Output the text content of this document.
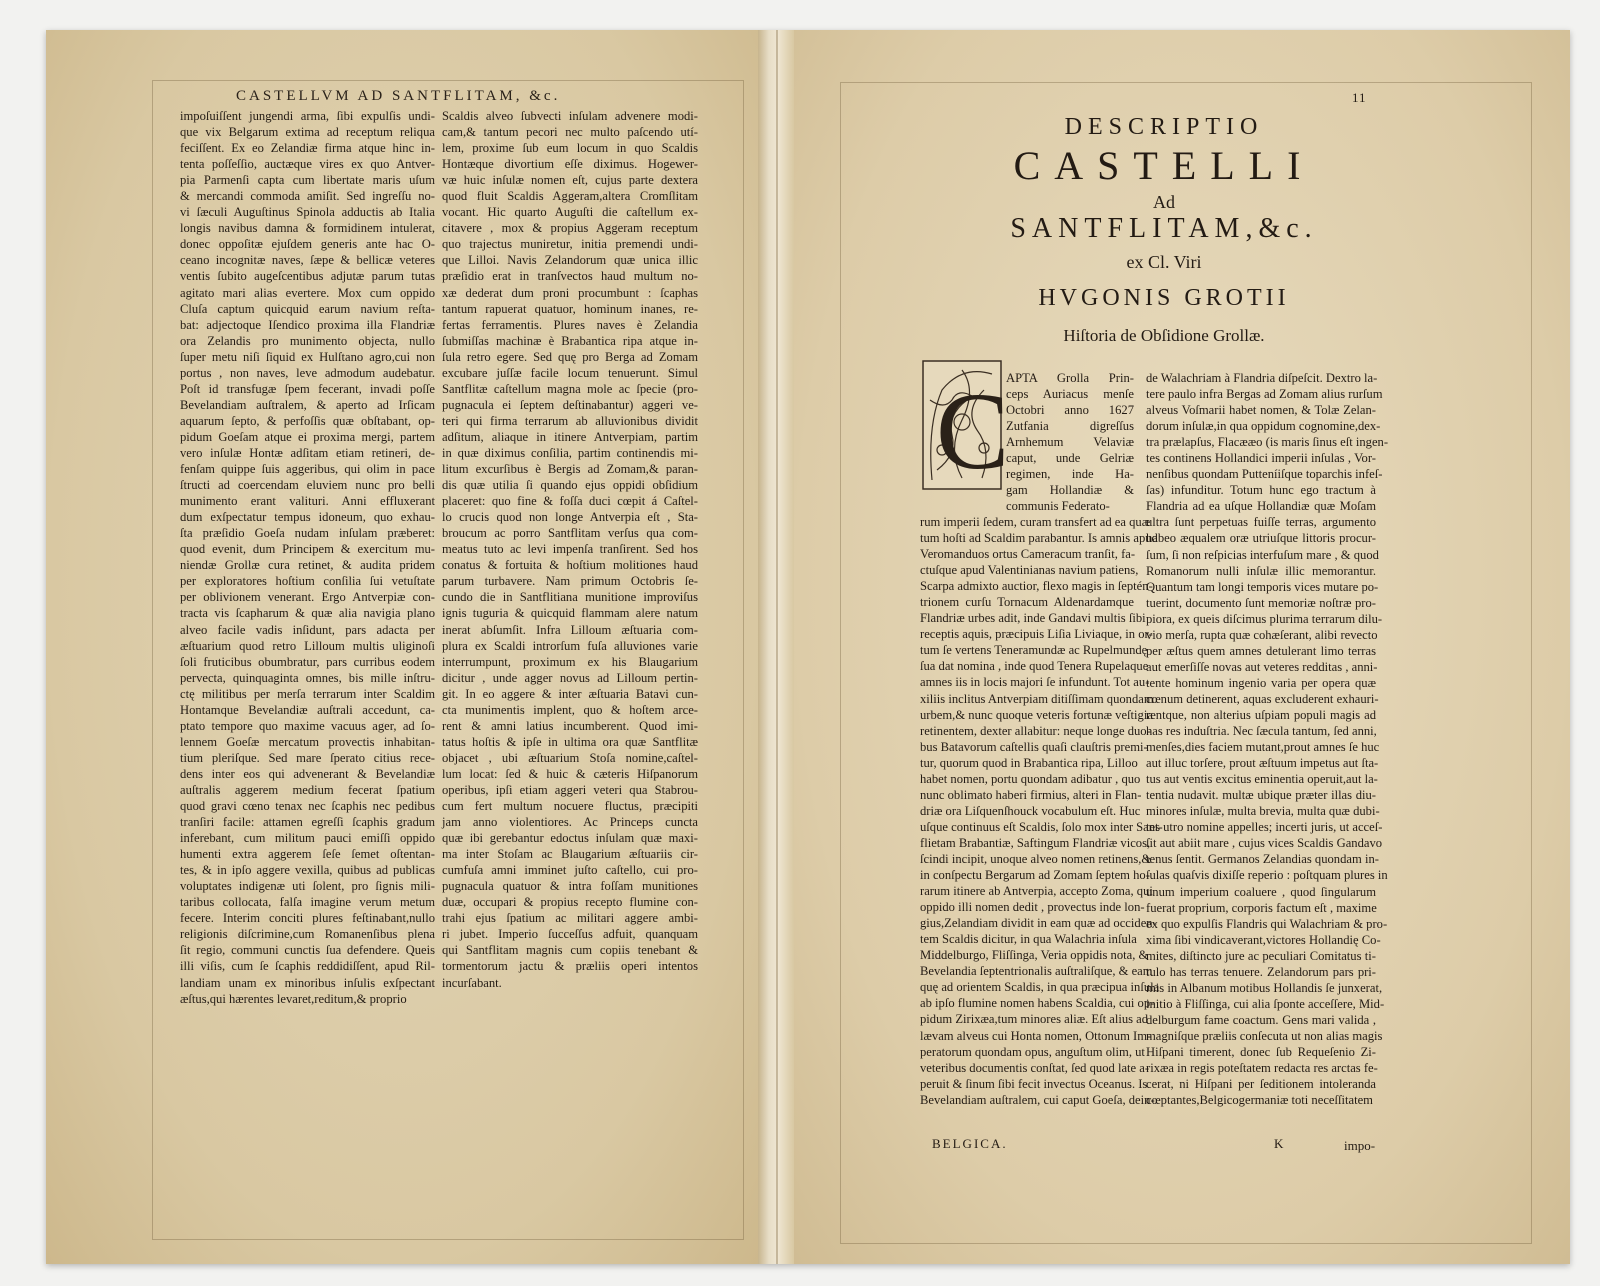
CASTELLVM AD SANTFLITAM, &c.
impoſuiſſent jungendi arma, ſibi expulſis undi-
que vix Belgarum extima ad receptum reliqua
feciſſent. Ex eo Zelandiæ firma atque hinc in-
tenta poſſeſſio, auctæque vires ex quo Antver-
pia Parmenſi capta cum libertate maris uſum
& mercandi commoda amiſit. Sed ingreſſu no-
vi ſæculi Auguſtinus Spinola adductis ab Italia
longis navibus damna & formidinem intulerat,
donec oppoſitæ ejuſdem generis ante hac O-
ceano incognitæ naves, ſæpe & bellicæ veteres
ventis ſubito augeſcentibus adjutæ parum tutas
agitato mari alias evertere. Mox cum oppido
Cluſa captum quicquid earum navium reſta-
bat: adjectoque Iſendico proxima illa Flandriæ
ora Zelandis pro munimento objecta, nullo
ſuper metu niſi ſiquid ex Hulſtano agro,cui non
portus , non naves, leve admodum audebatur.
Poſt id transfugæ ſpem fecerant, invadi poſſe
Bevelandiam auſtralem, & aperto ad Irſicam
aquarum ſepto, & perfoſſis quæ obſtabant, op-
pidum Goeſam atque ei proxima mergi, partem
vero inſulæ Hontæ adſitam etiam retineri, de-
fenſam quippe ſuis aggeribus, qui olim in pace
ſtructi ad coercendam eluviem nunc pro belli
munimento erant valituri. Anni effluxerant
dum exſpectatur tempus idoneum, quo exhau-
ſta præſidio Goeſa nudam inſulam præberet:
quod evenit, dum Principem & exercitum mu-
niendæ Grollæ cura retinet, & audita pridem
per exploratores hoſtium conſilia ſui vetuſtate
per oblivionem venerant. Ergo Antverpiæ con-
tracta vis ſcapharum & quæ alia navigia plano
alveo facile vadis inſidunt, pars adacta per
æſtuarium quod retro Lilloum multis uliginoſi
ſoli fruticibus obumbratur, pars curribus eodem
pervecta, quinquaginta omnes, bis mille inſtru-
ctę militibus per merſa terrarum inter Scaldim
Hontamque Bevelandiæ auſtrali accedunt, ca-
ptato tempore quo maxime vacuus ager, ad ſo-
lennem Goeſæ mercatum provectis inhabitan-
tium pleriſque. Sed mare ſperato citius rece-
dens inter eos qui advenerant & Bevelandiæ
auſtralis aggerem medium fecerat ſpatium
quod gravi cœno tenax nec ſcaphis nec pedibus
tranſiri facile: attamen egreſſi ſcaphis gradum
inferebant, cum militum pauci emiſſi oppido
humenti extra aggerem ſeſe ſemet oſtentan-
tes, & in ipſo aggere vexilla, quibus ad publicas
voluptates indigenæ uti ſolent, pro ſignis mili-
taribus collocata, falſa imagine verum metum
fecere. Interim conciti plures feſtinabant,nullo
religionis diſcrimine,cum Romanenſibus plena
ſit regio, communi cunctis ſua defendere. Queis
illi viſis, cum ſe ſcaphis reddidiſſent, apud Ril-
landiam unam ex minoribus inſulis exſpectant
æſtus,qui hærentes levaret,reditum,& proprio
Scaldis alveo ſubvecti inſulam advenere modi-
cam,& tantum pecori nec multo paſcendo utí-
lem, proxime ſub eum locum in quo Scaldis
Hontæque divortium eſſe diximus. Hogewer-
væ huic inſulæ nomen eſt, cujus parte dextera
quod fluit Scaldis Aggeram,altera Cromſlitam
vocant. Hic quarto Auguſti die caſtellum ex-
citavere , mox & propius Aggeram receptum
quo trajectus muniretur, initia premendi undi-
que Lilloi. Navis Zelandorum quæ unica illic
præſidio erat in tranſvectos haud multum no-
xæ dederat dum proni procumbunt : ſcaphas
tantum rapuerat quatuor, hominum inanes, re-
fertas ferramentis. Plures naves è Zelandia
ſubmiſſas machinæ è Brabantica ripa atque in-
ſula retro egere. Sed quę pro Berga ad Zomam
excubare juſſæ facile locum tenuerunt. Simul
Santflitæ caſtellum magna mole ac ſpecie (pro-
pugnacula ei ſeptem deſtinabantur) aggeri ve-
teri qui firma terrarum ab alluvionibus dividit
adſitum, aliaque in itinere Antverpiam, partim
in quæ diximus conſilia, partim continendis mi-
litum excurſibus è Bergis ad Zomam,& paran-
dis quæ utilia ſi quando ejus oppidi obſidium
placeret: quo fine & foſſa duci cœpit á Caſtel-
lo crucis quod non longe Antverpia eſt , Sta-
broucum ac porro Santflitam verſus qua com-
meatus tuto ac levi impenſa tranſirent. Sed hos
conatus & fortuita & hoſtium molitiones haud
parum turbavere. Nam primum Octobris ſe-
cundo die in Santflitiana munitione improviſus
ignis tuguria & quicquid flammam alere natum
inerat abſumſit. Infra Lilloum æſtuaria com-
plura ex Scaldi introrſum fuſa alluviones varie
interrumpunt, proximum ex his Blaugarium
dicitur , unde agger novus ad Lilloum pertin-
git. In eo aggere & inter æſtuaria Batavi cun-
cta munimentis implent, quo & hoſtem arce-
rent & amni latius incumberent. Quod imi-
tatus hoſtis & ipſe in ultima ora quæ Santflitæ
objacet , ubi æſtuarium Stoſa nomine,caſtel-
lum locat: ſed & huic & cæteris Hiſpanorum
operibus, ipſi etiam aggeri veteri qua Stabrou-
cum fert multum nocuere fluctus, præcipiti
jam anno violentiores. Ac Princeps cuncta
quæ ibi gerebantur edoctus inſulam quæ maxi-
ma inter Stoſam ac Blaugarium æſtuariis cir-
cumfuſa amni imminet juſto caſtello, cui pro-
pugnacula quatuor & intra foſſam munitiones
duæ, occupari & propius recepto flumine con-
trahi ejus ſpatium ac militari aggere ambi-
ri jubet. Imperio ſucceſſus adfuit, quanquam
qui Santflitam magnis cum copiis tenebant &
tormentorum jactu & præliis operi intentos
incurſabant.
11
DESCRIPTIO
CASTELLI
Ad
SANTFLITAM,&c.
ex Cl. Viri
HVGONIS GROTII
Hiſtoria de Obſidione Grollæ.
C
APTA Grolla Prin-
ceps Auriacus menſe
Octobri anno 1627
Zutfania digreſſus
Arnhemum Velaviæ
caput, unde Gelriæ
regimen, inde Ha-
gam Hollandiæ &
communis Federato-
rum imperii ſedem, curam transfert ad ea quæ
tum hoſti ad Scaldim parabantur. Is amnis apud
Veromanduos ortus Cameracum tranſit, fa-
ctuſque apud Valentinianas navium patiens,
Scarpa admixto auctior, flexo magis in ſeptén-
trionem curſu Tornacum Aldenardamque
Flandriæ urbes adit, inde Gandavi multis ſibi
receptis aquis, præcipuis Liſia Liviaque, in or-
tum ſe vertens Teneramundæ ac Rupelmundę
ſua dat nomina , inde quod Tenera Rupelaque
amnes iis in locis majori ſe infundunt. Tot au-
xiliis inclitus Antverpiam ditiſſimam quondam
urbem,& nunc quoque veteris fortunæ veſtigia
retinentem, dexter allabitur: neque longe duo-
bus Batavorum caſtellis quaſi clauſtris premi-
tur, quorum quod in Brabantica ripa, Lilloo
habet nomen, portu quondam adibatur , quo
nunc oblimato haberi firmius, alteri in Flan-
driæ ora Liſquenſhouck vocabulum eſt. Huc
uſque continuus eſt Scaldis, ſolo mox inter Sant-
flietam Brabantiæ, Saftingum Flandriæ vicos,
ſcindi incipit, unoque alveo nomen retinens,&
in conſpectu Bergarum ad Zomam ſeptem ho-
rarum itinere ab Antverpia, accepto Zoma, qui
oppido illi nomen dedit , provectus inde lon-
gius,Zelandiam dividit in eam quæ ad occiden-
tem Scaldis dicitur, in qua Walachria inſula
Middelburgo, Fliſſinga, Veria oppidis nota, &
Bevelandia ſeptentrionalis auſtraliſque, & eam
quę ad orientem Scaldis, in qua præcipua inſula
ab ipſo flumine nomen habens Scaldia, cui op-
pidum Zirixæa,tum minores aliæ. Eſt alius ad
lævam alveus cui Honta nomen, Ottonum Im-
peratorum quondam opus, anguſtum olim, ut
veteribus documentis conſtat, ſed quod late a-
peruit & ſinum ſibi fecit invectus Oceanus. Is
Bevelandiam auſtralem, cui caput Goeſa, dein-
de Walachriam à Flandria diſpeſcit. Dextro la-
tere paulo infra Bergas ad Zomam alius rurſum
alveus Voſmarii habet nomen, & Tolæ Zelan-
dorum inſulæ,in qua oppidum cognomine,dex-
tra prælapſus, Flacææo (is maris ſinus eſt ingen-
tes continens Hollandici imperii inſulas , Vor-
nenſibus quondam Putteníiſque toparchis infeſ-
ſas) infunditur. Totum hunc ego tractum à
Flandria ad ea uſque Hollandiæ quæ Moſam
ultra ſunt perpetuas fuiſſe terras, argumento
habeo æqualem oræ utriuſque littoris procur-
ſum, ſi non reſpicias interfuſum mare , & quod
Romanorum nulli inſulæ illic memorantur.
Quantum tam longi temporis vices mutare po-
tuerint, documento ſunt memoriæ noſtræ pro-
piora, ex queis diſcimus plurima terrarum dilu-
vio merſa, rupta quæ cohæſerant, alibi revecto
per æſtus quem amnes detulerant limo terras
aut emerſiſſe novas aut veteres redditas , anni-
tente hominum ingenio varia per opera quæ
cœnum detinerent, aquas excluderent exhauri-
rentque, non alterius uſpiam populi magis ad
has res induſtria. Nec ſæcula tantum, ſed anni,
menſes,dies faciem mutant,prout amnes ſe huc
aut illuc torſere, prout æſtuum impetus aut ſta-
tus aut ventis excitus eminentia operuit,aut la-
tentia nudavit. multæ ubique præter illas diu-
minores inſulæ, multa brevia, multa quæ dubi-
tes utro nomine appelles; incerti juris, ut acceſ-
ſit aut abiit mare , cujus vices Scaldis Gandavo
tenus ſentit. Germanos Zelandias quondam in-
ſulas quaſvis dixiſſe reperio : poſtquam plures in
unum imperium coaluere , quod ſingularum
fuerat proprium, corporis factum eſt , maxime
ex quo expulſis Flandris qui Walachriam & pro-
xima ſibi vindicaverant,victores Hollandię Co-
mites, diſtincto jure ac peculiari Comitatus ti-
tulo has terras tenuere. Zelandorum pars pri-
mis in Albanum motibus Hollandis ſe junxerat,
initio à Fliſſinga, cui alia ſponte acceſſere, Mid-
delburgum fame coactum. Gens mari valida ,
magniſque præliis conſecuta ut non alias magis
Hiſpani timerent, donec ſub Requeſenio Zi-
rixæa in regis poteſtatem redacta res arctas fe-
cerat, ni Hiſpani per ſeditionem intoleranda
cœptantes,Belgicogermaniæ toti neceſſitatem
BELGICA.	K	impo-
